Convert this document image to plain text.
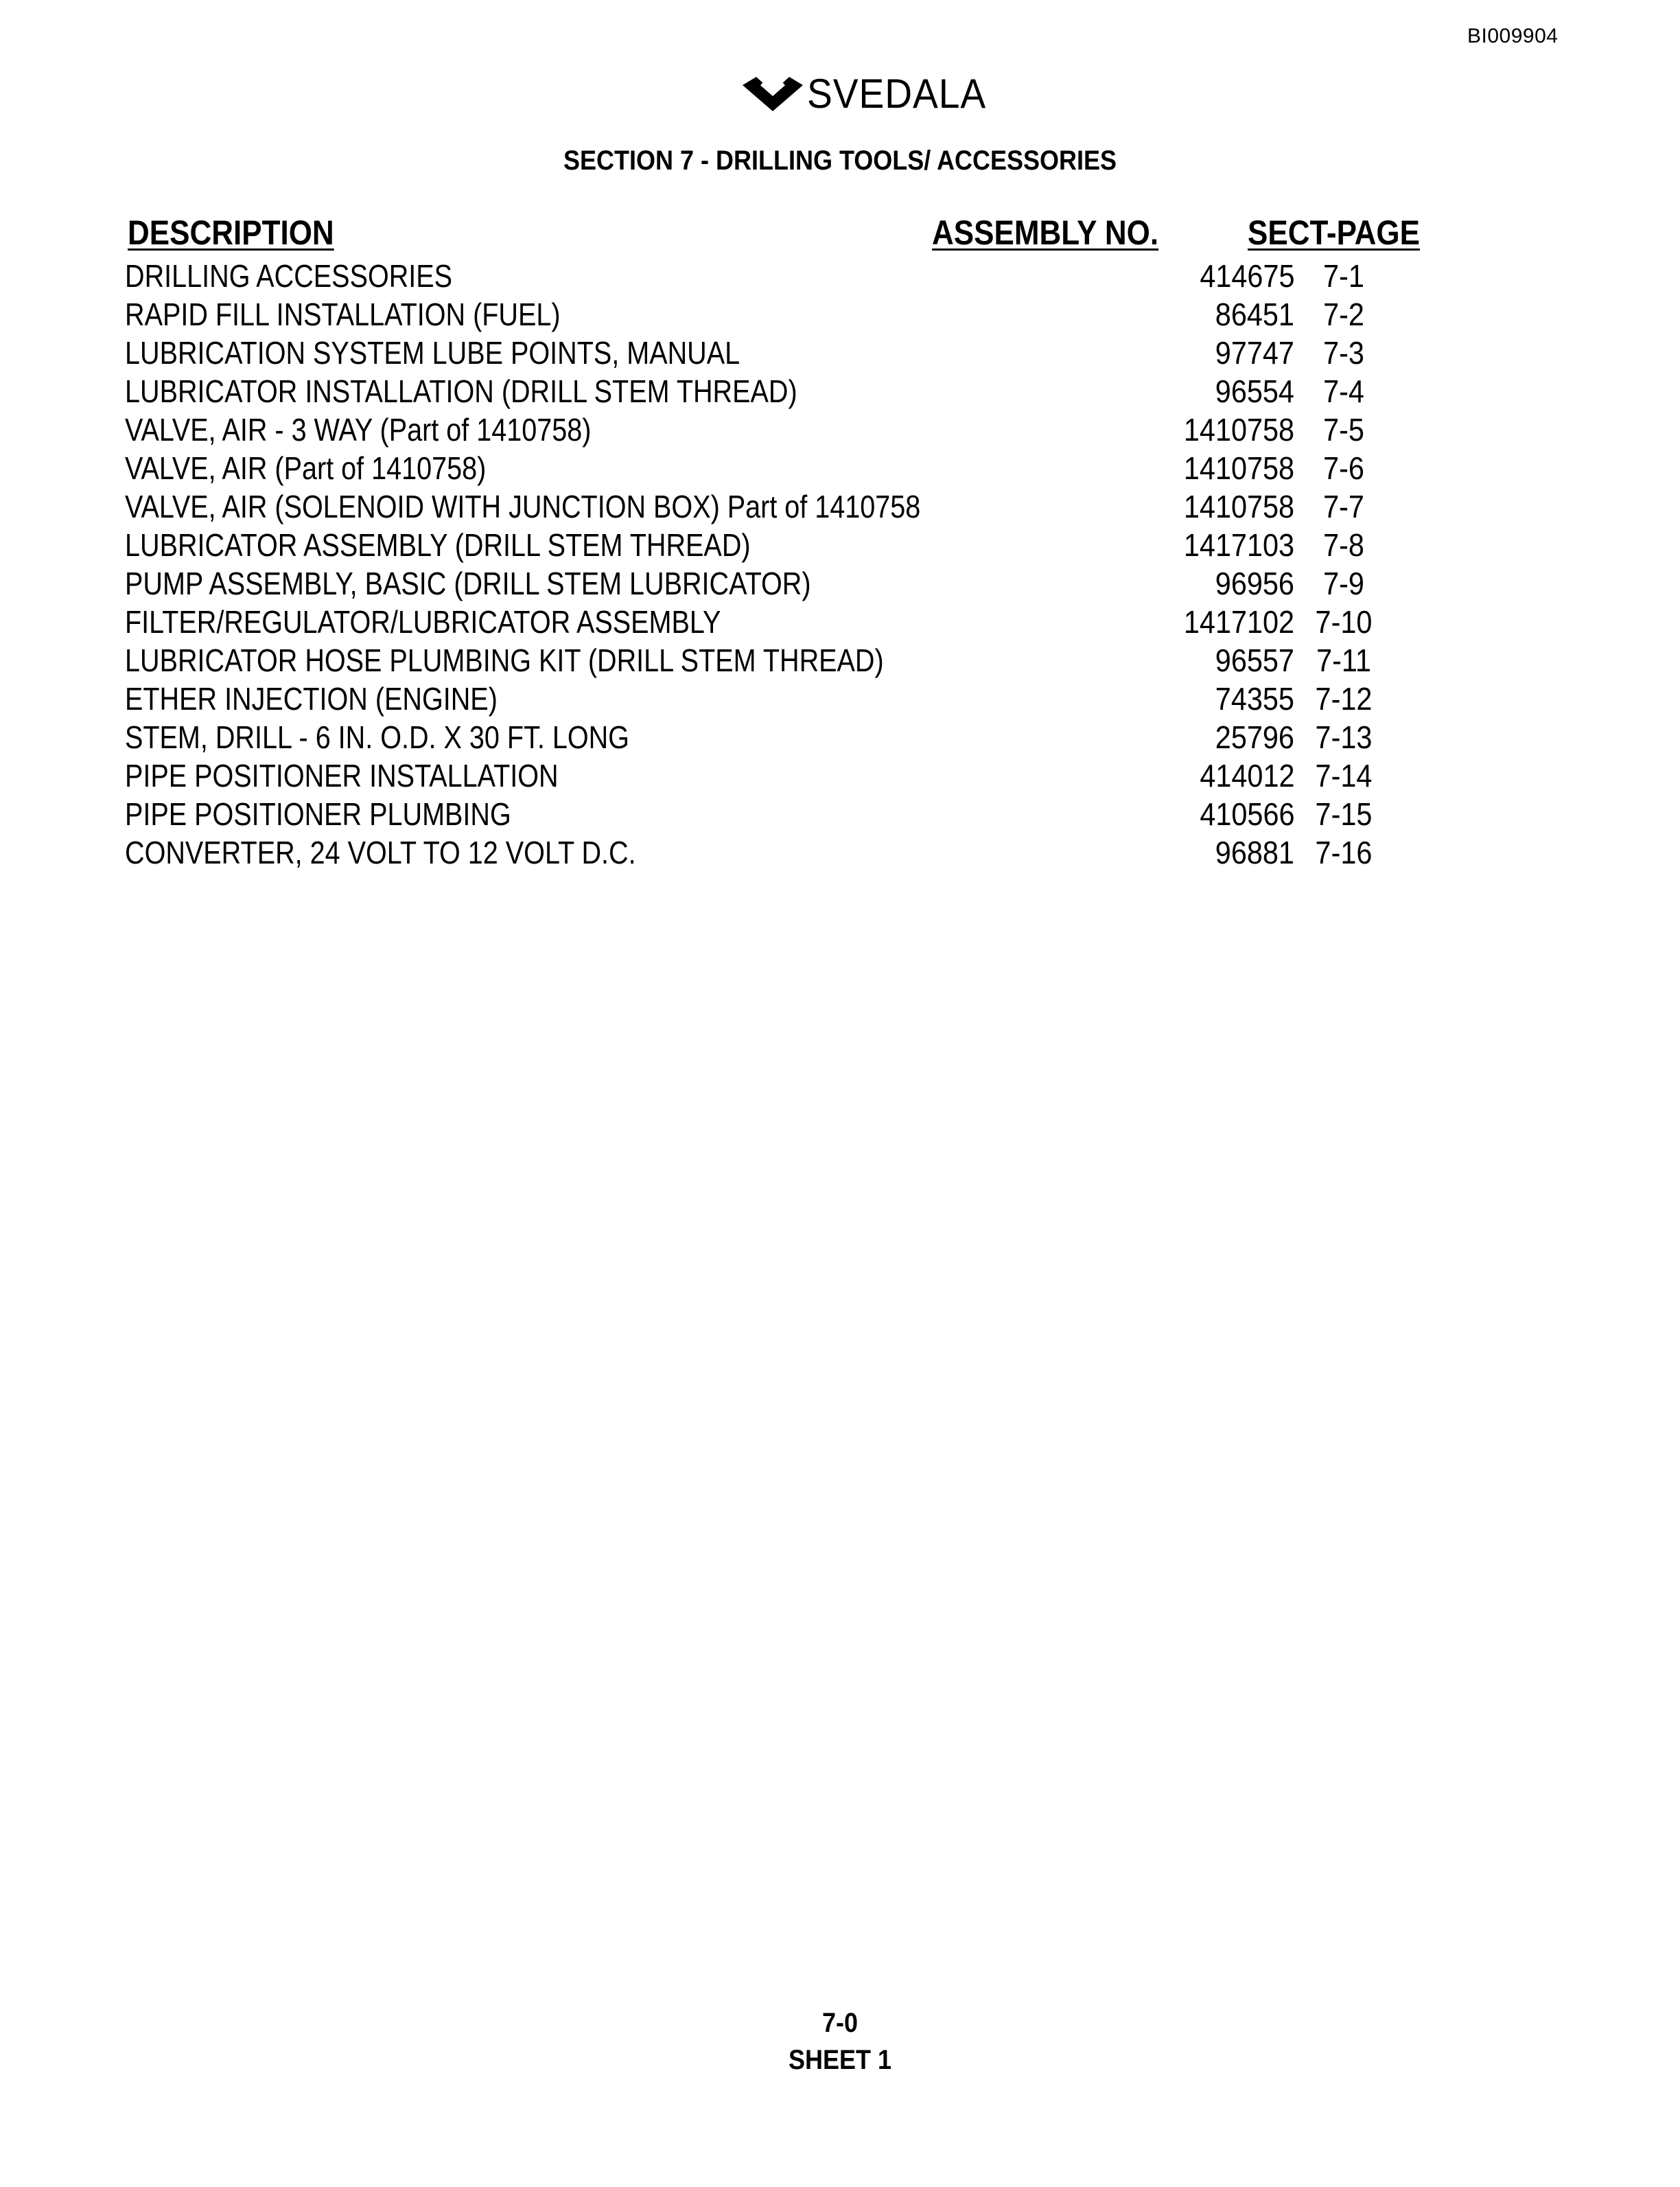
BI009904
SVEDALA
SECTION 7 - DRILLING TOOLS/ ACCESSORIES
DESCRIPTION	ASSEMBLY NO.	SECT-PAGE
DRILLING ACCESSORIES	414675 7-1
RAPID FILL INSTALLATION (FUEL)	86451 7-2
LUBRICATION SYSTEM LUBE POINTS, MANUAL	97747 7-3
LUBRICATOR INSTALLATION (DRILL STEM THREAD)	96554 7-4
VALVE, AIR - 3 WAY (Part of 1410758)	1410758 7-5
VALVE, AIR (Part of 1410758)	1410758 7-6
VALVE, AIR (SOLENOID WITH JUNCTION BOX) Part of 1410758	1410758 7-7
LUBRICATOR ASSEMBLY (DRILL STEM THREAD)	1417103 7-8
PUMP ASSEMBLY, BASIC (DRILL STEM LUBRICATOR)	96956 7-9
FILTER/REGULATOR/LUBRICATOR ASSEMBLY	1417102 7-10
LUBRICATOR HOSE PLUMBING KIT (DRILL STEM THREAD)	96557 7-11
ETHER INJECTION (ENGINE)	74355 7-12
STEM, DRILL - 6 IN. O.D. X 30 FT. LONG	25796 7-13
PIPE POSITIONER INSTALLATION	414012 7-14
PIPE POSITIONER PLUMBING	410566 7-15
CONVERTER, 24 VOLT TO 12 VOLT D.C.	96881 7-16
7-0
SHEET 1
